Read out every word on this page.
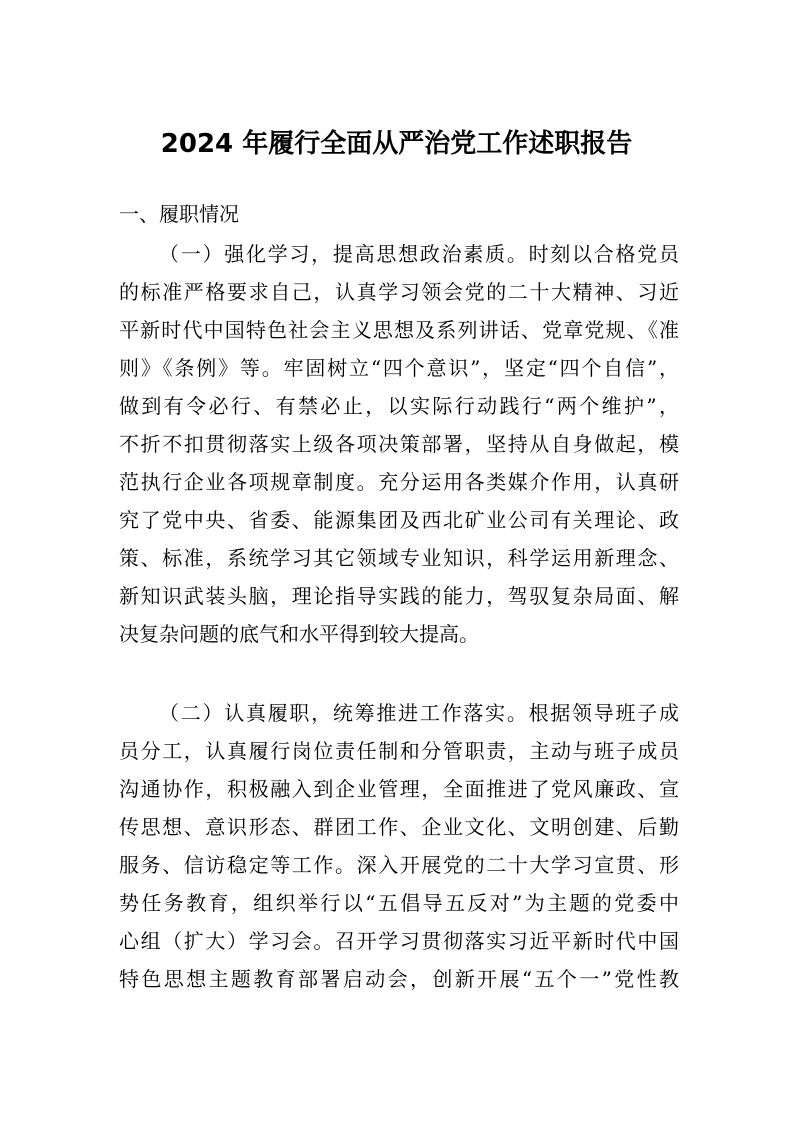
2024 年履行全面从严治党工作述职报告

一、履职情况

（一）强化学习，提高思想政治素质。时刻以合格党员
的标准严格要求自己，认真学习领会党的二十大精神、习近
平新时代中国特色社会主义思想及系列讲话、党章党规、《准
则》《条例》等。牢固树立“四个意识”，坚定“四个自信”，
做到有令必行、有禁必止，以实际行动践行“两个维护”，
不折不扣贯彻落实上级各项决策部署，坚持从自身做起，模
范执行企业各项规章制度。充分运用各类媒介作用，认真研
究了党中央、省委、能源集团及西北矿业公司有关理论、政
策、标准，系统学习其它领域专业知识，科学运用新理念、
新知识武装头脑，理论指导实践的能力，驾驭复杂局面、解
决复杂问题的底气和水平得到较大提高。
（二）认真履职，统筹推进工作落实。根据领导班子成
员分工，认真履行岗位责任制和分管职责，主动与班子成员
沟通协作，积极融入到企业管理，全面推进了党风廉政、宣
传思想、意识形态、群团工作、企业文化、文明创建、后勤
服务、信访稳定等工作。深入开展党的二十大学习宣贯、形
势任务教育，组织举行以“五倡导五反对”为主题的党委中
心组（扩大）学习会。召开学习贯彻落实习近平新时代中国
特色思想主题教育部署启动会，创新开展“五个一”党性教
